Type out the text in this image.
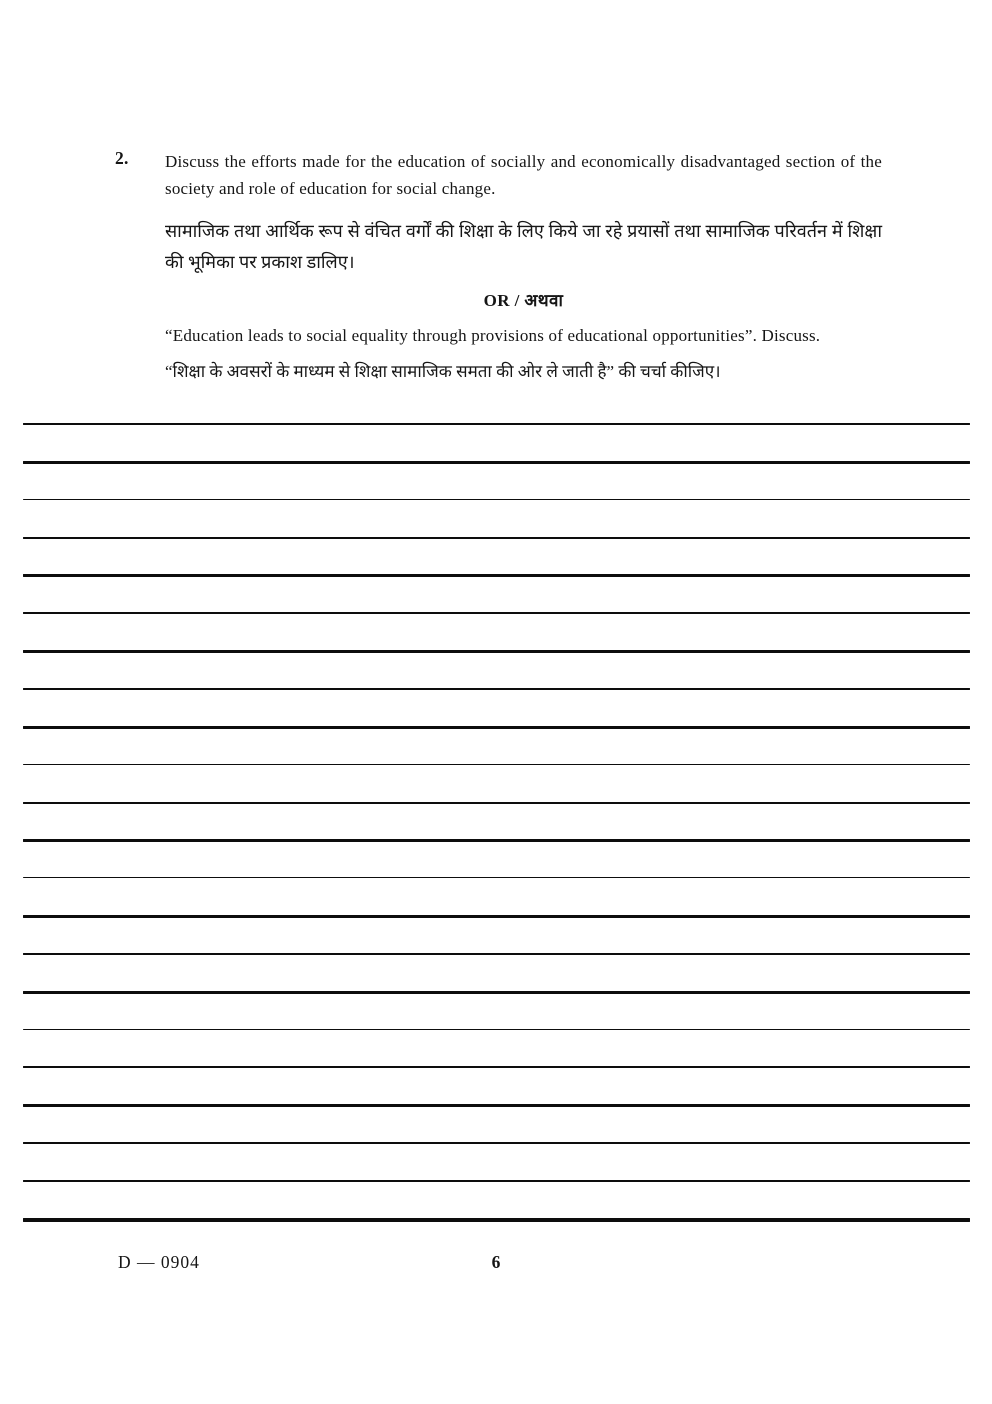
2. Discuss the efforts made for the education of socially and economically disadvantaged section of the society and role of education for social change.

सामाजिक तथा आर्थिक रूप से वंचित वर्गों की शिक्षा के लिए किये जा रहे प्रयासों तथा सामाजिक परिवर्तन में शिक्षा की भूमिका पर प्रकाश डालिए।

OR / अथवा

“Education leads to social equality through provisions of educational opportunities”. Discuss.

“शिक्षा के अवसरों के माध्यम से शिक्षा सामाजिक समता की ओर ले जाती है” की चर्चा कीजिए।

6
D — 0904
